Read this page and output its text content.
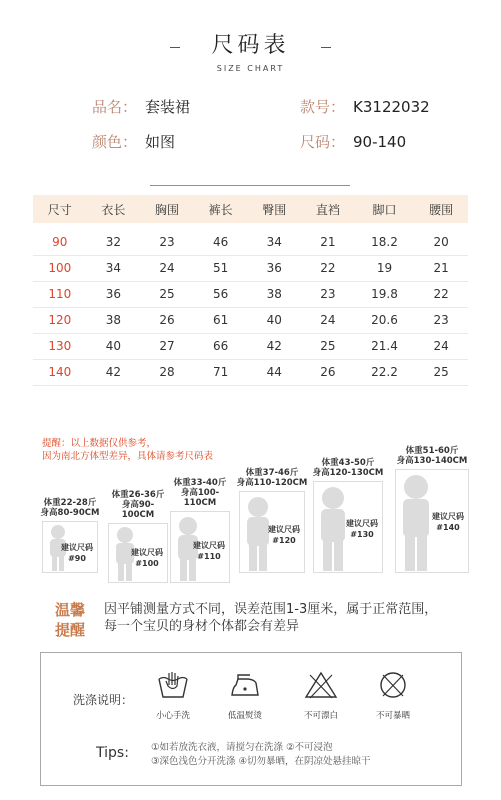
尺码表
SIZE CHART
品名： 套装裙	款号： K3122032
颜色： 如图	尺码： 90-140
尺寸	衣长	胸围	裤长	臀围	直裆	脚口	腰围

90	32	23	46	34	21	18.2	20
100	34	24	51	36	22	19	21
110	36	25	56	38	23	19.8	22
120	38	26	61	40	24	20.6	23
130	40	27	66	42	25	21.4	24
140	42	28	71	44	26	22.2	25
提醒：以上数据仅供参考，
因为南北方体型差异，具体请参考尺码表
体重22-28斤
身高80-90CM
建议尺码
#90
体重26-36斤
身高90-100CM
建议尺码
#100
体重33-40斤
身高100-110CM
建议尺码
#110
体重37-46斤
身高110-120CM
建议尺码
#120
体重43-50斤
身高120-130CM
建议尺码
#130
体重51-60斤
身高130-140CM
建议尺码
#140
温馨
提醒
因平铺测量方式不同，误差范围1-3厘米，属于正常范围，
每一个宝贝的身材个体都会有差异
洗涤说明：
小心手洗	低温熨烫	不可漂白	不可暴晒
Tips: ①如若放洗衣液，请搅匀在洗涤 ②不可浸泡
③深色浅色分开洗涤 ④切勿暴晒，在阴凉处悬挂晾干
